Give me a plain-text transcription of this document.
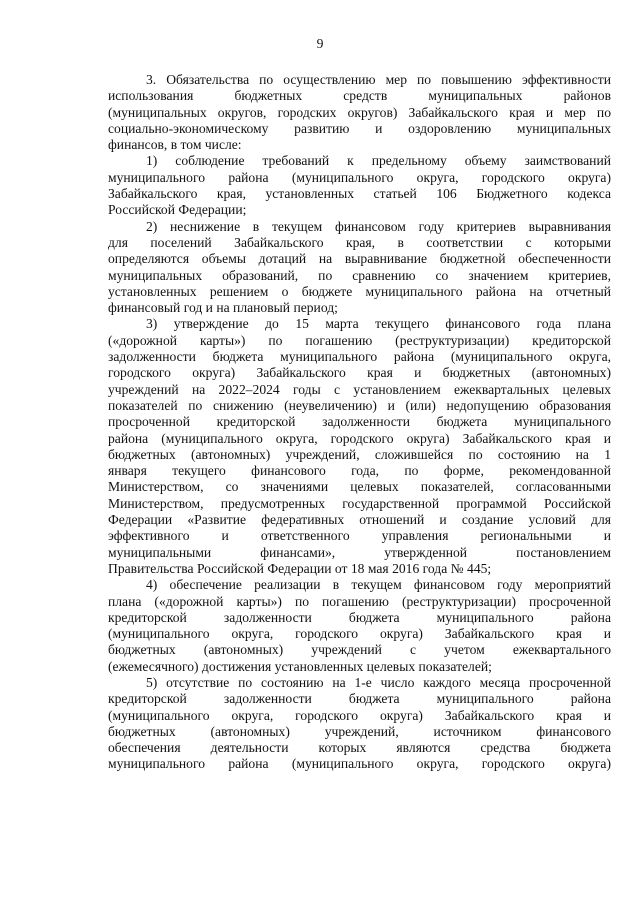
9
3. Обязательства по осуществлению мер по повышению эффективности
использования бюджетных средств муниципальных районов
(муниципальных округов, городских округов) Забайкальского края и мер по
социально-экономическому развитию и оздоровлению муниципальных
финансов, в том числе:
1) соблюдение требований к предельному объему заимствований
муниципального района (муниципального округа, городского округа)
Забайкальского края, установленных статьей 106 Бюджетного кодекса
Российской Федерации;
2) неснижение в текущем финансовом году критериев выравнивания
для поселений Забайкальского края, в соответствии с которыми
определяются объемы дотаций на выравнивание бюджетной обеспеченности
муниципальных образований, по сравнению со значением критериев,
установленных решением о бюджете муниципального района на отчетный
финансовый год и на плановый период;
3) утверждение до 15 марта текущего финансового года плана
(«дорожной карты») по погашению (реструктуризации) кредиторской
задолженности бюджета муниципального района (муниципального округа,
городского округа) Забайкальского края и бюджетных (автономных)
учреждений на 2022–2024 годы с установлением ежеквартальных целевых
показателей по снижению (неувеличению) и (или) недопущению образования
просроченной кредиторской задолженности бюджета муниципального
района (муниципального округа, городского округа) Забайкальского края и
бюджетных (автономных) учреждений, сложившейся по состоянию на 1
января текущего финансового года, по форме, рекомендованной
Министерством, со значениями целевых показателей, согласованными
Министерством, предусмотренных государственной программой Российской
Федерации «Развитие федеративных отношений и создание условий для
эффективного и ответственного управления региональными и
муниципальными финансами», утвержденной постановлением
Правительства Российской Федерации от 18 мая 2016 года № 445;
4) обеспечение реализации в текущем финансовом году мероприятий
плана («дорожной карты») по погашению (реструктуризации) просроченной
кредиторской задолженности бюджета муниципального района
(муниципального округа, городского округа) Забайкальского края и
бюджетных (автономных) учреждений с учетом ежеквартального
(ежемесячного) достижения установленных целевых показателей;
5) отсутствие по состоянию на 1-е число каждого месяца просроченной
кредиторской задолженности бюджета муниципального района
(муниципального округа, городского округа) Забайкальского края и
бюджетных (автономных) учреждений, источником финансового
обеспечения деятельности которых являются средства бюджета
муниципального района (муниципального округа, городского округа)
